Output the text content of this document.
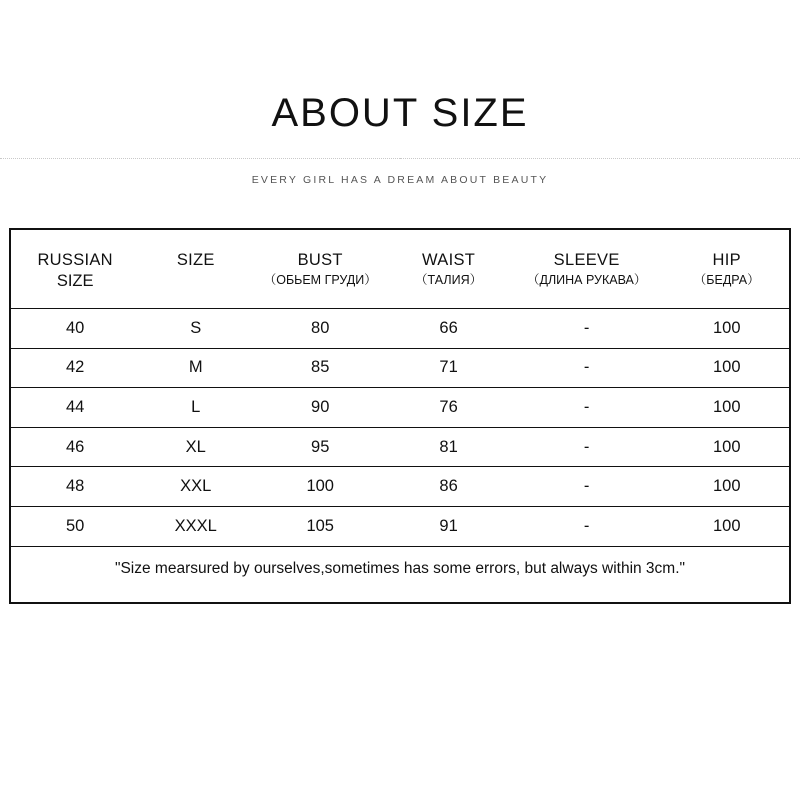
ABOUT SIZE
EVERY GIRL HAS A DREAM ABOUT BEAUTY
RUSSIAN	SIZE	BUST	WAIST	SLEEVE	HIP
SIZE		（ОБЬЕМ ГРУДИ）	（ТАЛИЯ）	（ДЛИНА РУКАВА）	（БЕДРА）
40	S	80	66	-	100
42	M	85	71	-	100
44	L	90	76	-	100
46	XL	95	81	-	100
48	XXL	100	86	-	100
50	XXXL	105	91	-	100
"Size mearsured by ourselves,sometimes has some errors, but always within 3cm."					
